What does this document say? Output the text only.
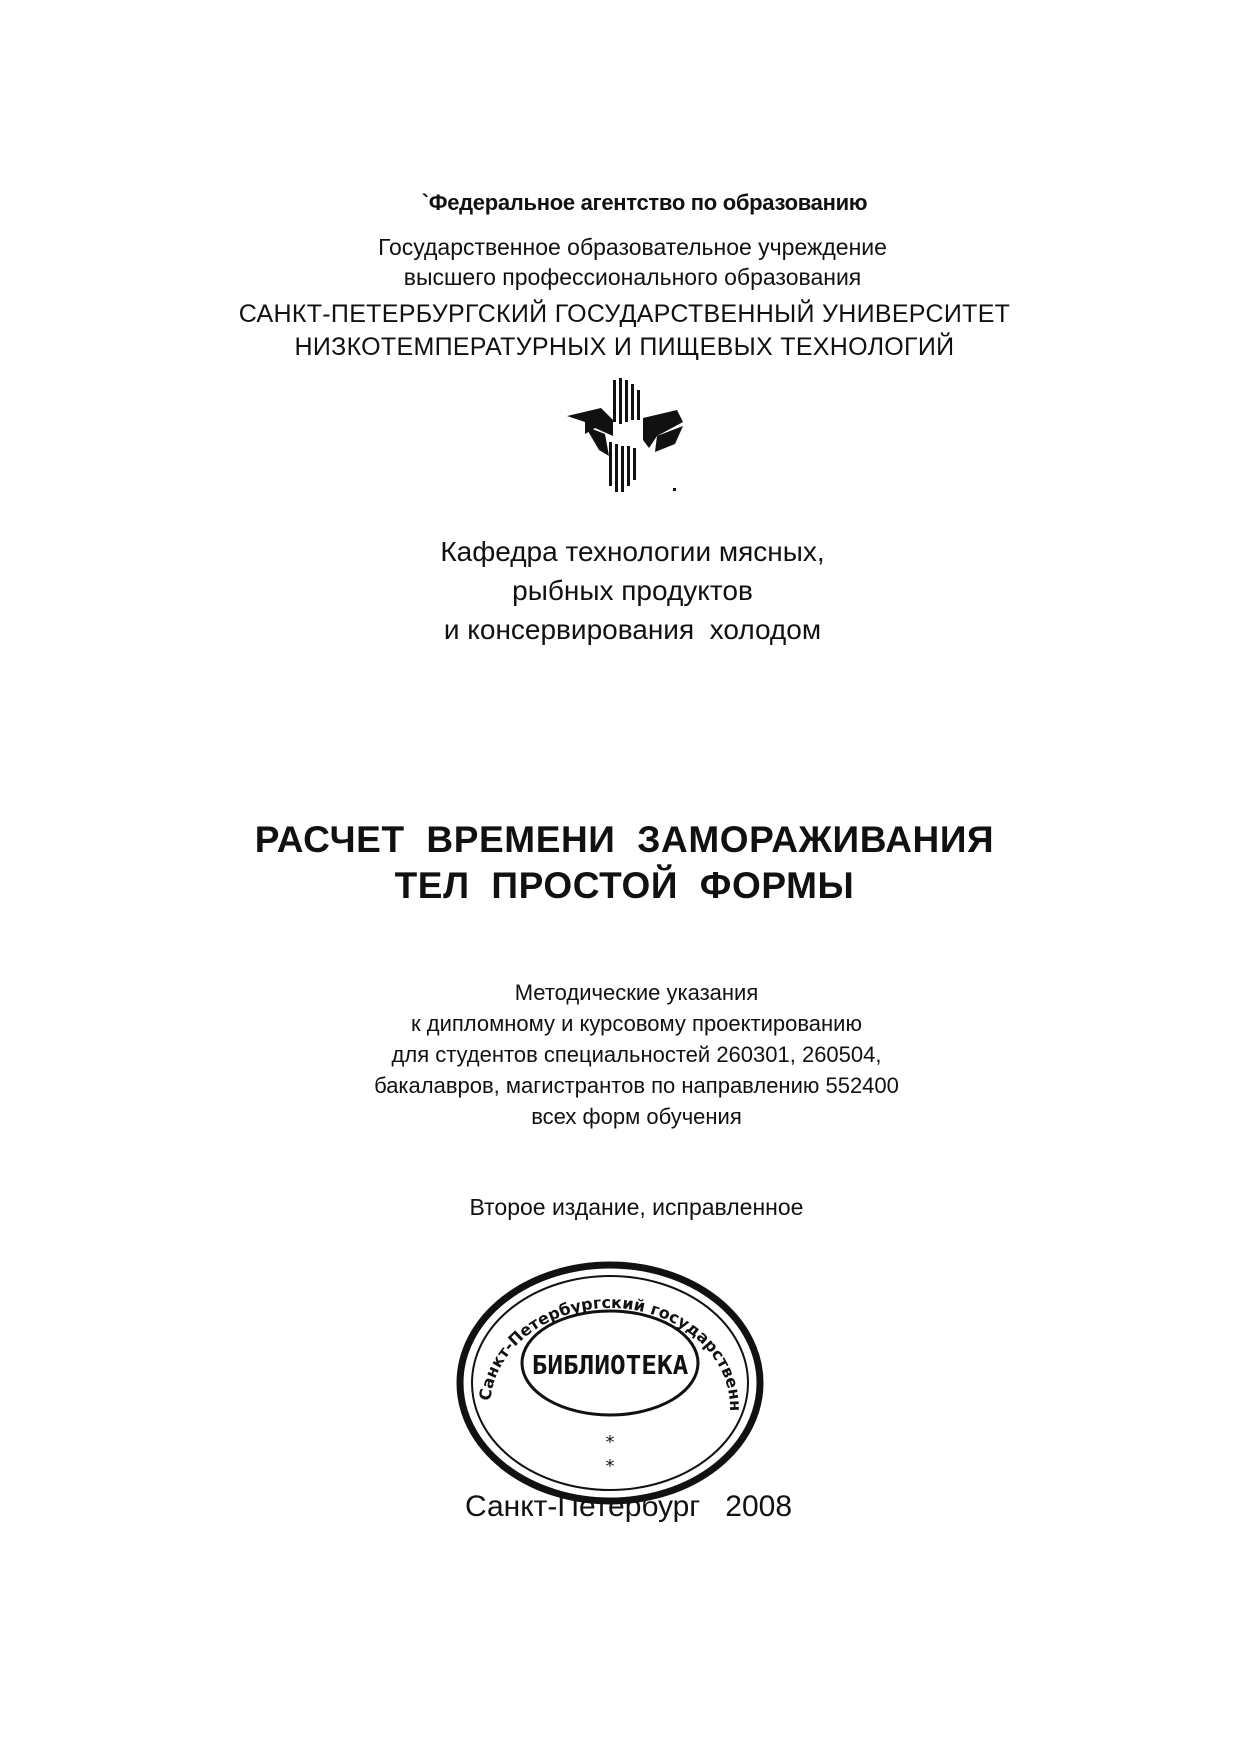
`Федеральное агентство по образованию
Государственное образовательное учреждение
высшего профессионального образования
САНКТ-ПЕТЕРБУРГСКИЙ ГОСУДАРСТВЕННЫЙ УНИВЕРСИТЕТ
НИЗКОТЕМПЕРАТУРНЫХ И ПИЩЕВЫХ ТЕХНОЛОГИЙ
Кафедра технологии мясных,
рыбных продуктов
и консервирования  холодом
РАСЧЕТ  ВРЕМЕНИ  ЗАМОРАЖИВАНИЯ
ТЕЛ  ПРОСТОЙ  ФОРМЫ
Методические указания
к дипломному и курсовому проектированию
для студентов специальностей 260301, 260504,
бакалавров, магистрантов по направлению 552400
всех форм обучения
Второе издание, исправленное
Санкт-Петербургский государственн
БИБЛИОТЕКА
*
*
Санкт-Петербург 2008
